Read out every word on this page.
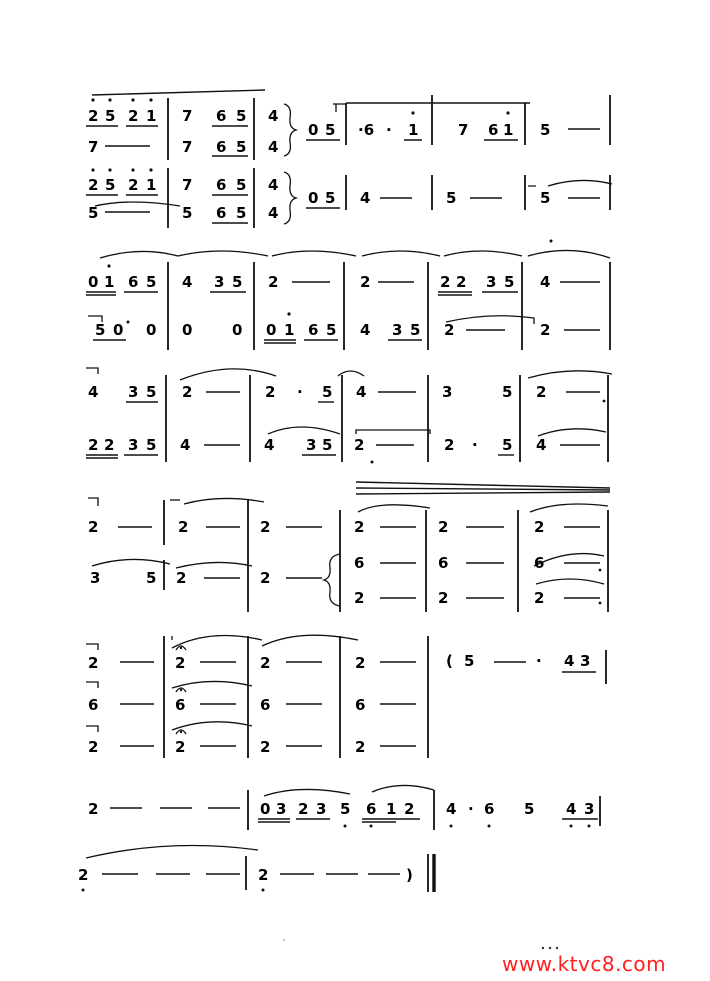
2 5 2 1 7 6 5 4
7	7 6 5 4
0 5 ·6 · 1	7 6 1 5
2 5 2 1 7 6 5 4
5	5 6 5 4
0 5 4	5	5
0 1 6 5 4 3 5 2	2	2 2 3 5 4
5 0 0 0	0 0 1 6 5 4 3 5 2	2
4 3 5 2	2 · 5 4	3	5 2
2 2 3 5 4	4 3 5 2	2 · 5 4
2	2	2	2	2	2
3	5 2	2
6	6	6
2	2	2
2	2	2	2	( 5	· 4 3
6	6	6	6
2	2	2	2
2	0 3 2 3 5 6 1 2 4 · 6 5 4 3
2	2	)
www.ktvc8.com
